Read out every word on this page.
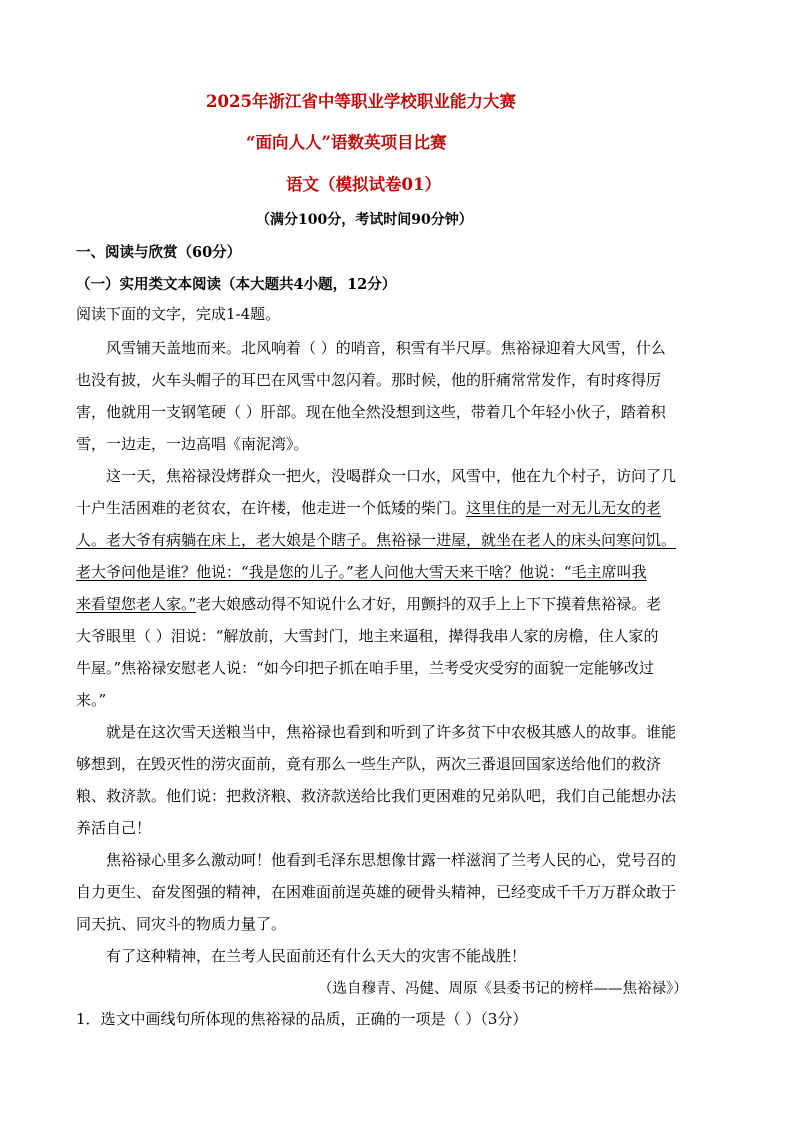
2025年浙江省中等职业学校职业能力大赛
“面向人人”语数英项目比赛
语文（模拟试卷01）
（满分100分，考试时间90分钟）
一、阅读与欣赏（60分）
（一）实用类文本阅读（本大题共4小题，12分）
阅读下面的文字，完成1-4题。
风雪铺天盖地而来。北风响着（ ）的哨音，积雪有半尺厚。焦裕禄迎着大风雪，什么
也没有披，火车头帽子的耳巴在风雪中忽闪着。那时候，他的肝痛常常发作，有时疼得厉
害，他就用一支钢笔硬（ ）肝部。现在他全然没想到这些，带着几个年轻小伙子，踏着积
雪，一边走，一边高唱《南泥湾》。
这一天，焦裕禄没烤群众一把火，没喝群众一口水，风雪中，他在九个村子，访问了几
十户生活困难的老贫农，在许楼，他走进一个低矮的柴门。这里住的是一对无儿无女的老
人。老大爷有病躺在床上，老大娘是个瞎子。焦裕禄一进屋，就坐在老人的床头问寒问饥。
老大爷问他是谁？他说：“我是您的儿子。”老人问他大雪天来干啥？他说：“毛主席叫我
来看望您老人家。”老大娘感动得不知说什么才好，用颤抖的双手上上下下摸着焦裕禄。老
大爷眼里（ ）泪说：“解放前，大雪封门，地主来逼租，撵得我串人家的房檐，住人家的
牛屋。”焦裕禄安慰老人说：“如今印把子抓在咱手里，兰考受灾受穷的面貌一定能够改过
来。”
就是在这次雪天送粮当中，焦裕禄也看到和听到了许多贫下中农极其感人的故事。谁能
够想到，在毁灭性的涝灾面前，竟有那么一些生产队，两次三番退回国家送给他们的救济
粮、救济款。他们说：把救济粮、救济款送给比我们更困难的兄弟队吧，我们自己能想办法
养活自己！
焦裕禄心里多么激动呵！他看到毛泽东思想像甘露一样滋润了兰考人民的心，党号召的
自力更生、奋发图强的精神，在困难面前逞英雄的硬骨头精神，已经变成千千万万群众敢于
同天抗、同灾斗的物质力量了。
有了这种精神，在兰考人民面前还有什么天大的灾害不能战胜！
（选自穆青、冯健、周原《县委书记的榜样——焦裕禄》）
1．选文中画线句所体现的焦裕禄的品质，正确的一项是（ ）（3分）
